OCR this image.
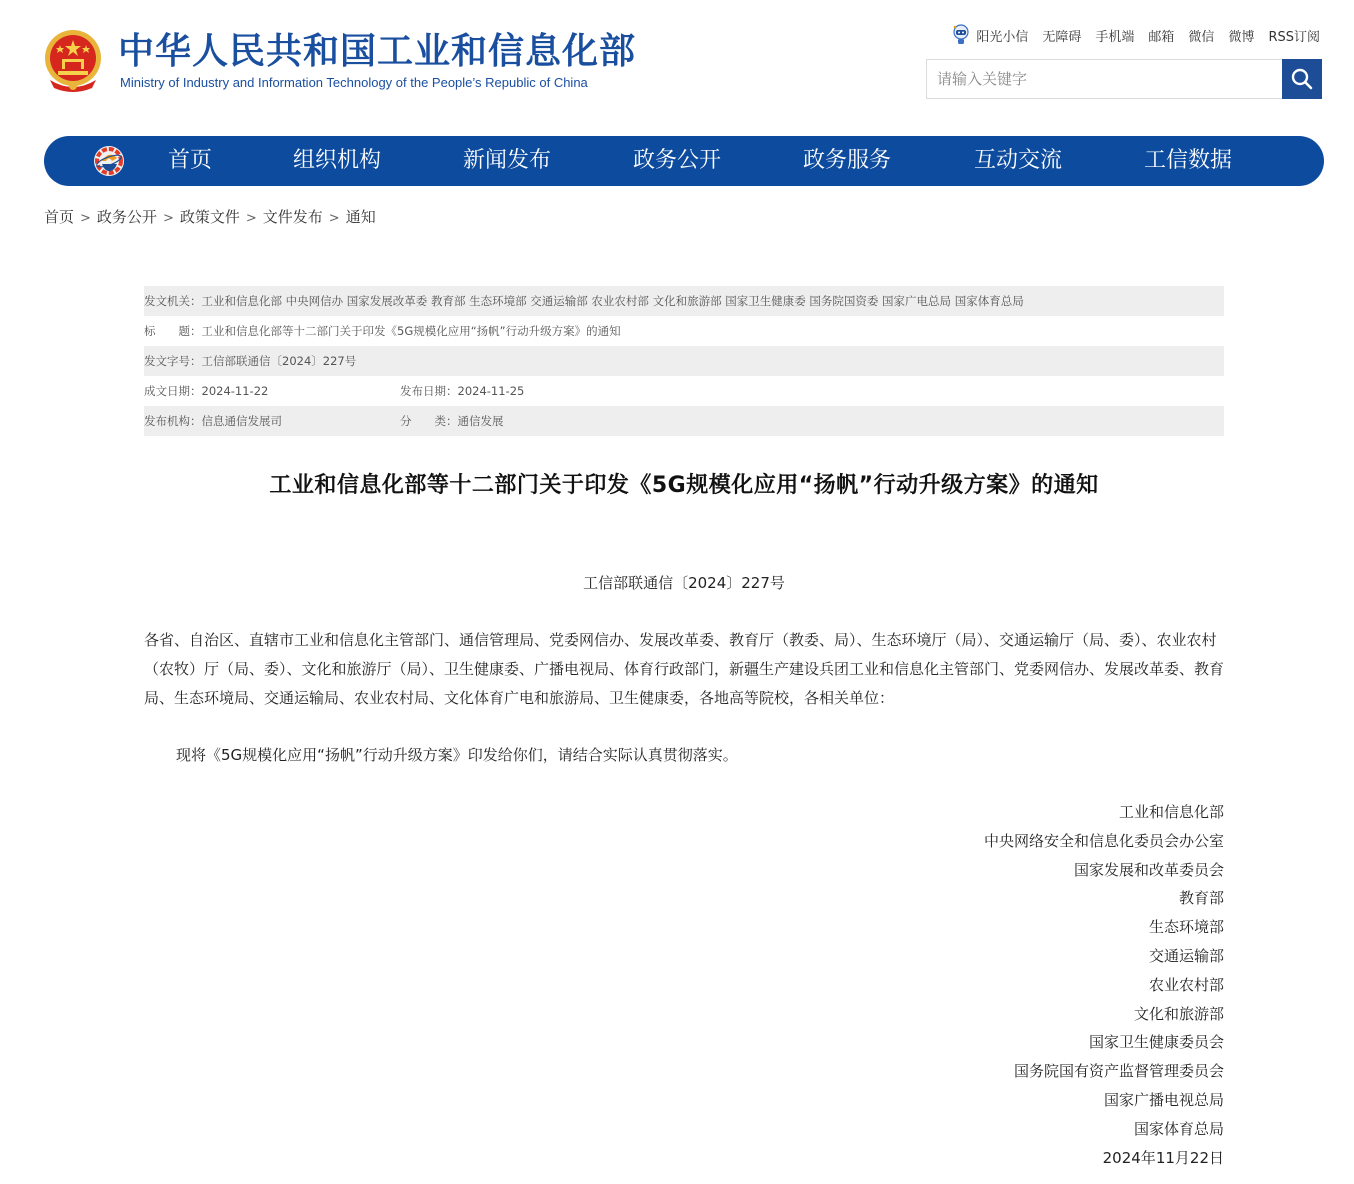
中华人民共和国工业和信息化部
Ministry of Industry and Information Technology of the People’s Republic of China
阳光小信 无障碍 手机端 邮箱 微信 微博 RSS订阅
请输入关键字
首页	组织机构	新闻发布	政务公开	政务服务	互动交流	工信数据
首页 > 政务公开 > 政策文件 > 文件发布 > 通知
发文机关：工业和信息化部 中央网信办 国家发展改革委 教育部 生态环境部 交通运输部 农业农村部 文化和旅游部 国家卫生健康委 国务院国资委 国家广电总局 国家体育总局
标　　题：工业和信息化部等十二部门关于印发《5G规模化应用“扬帆”行动升级方案》的通知
发文字号：工信部联通信〔2024〕227号
成文日期：2024-11-22	发布日期：2024-11-25
发布机构：信息通信发展司	分　　类：通信发展
工业和信息化部等十二部门关于印发《5G规模化应用“扬帆”行动升级方案》的通知
工信部联通信〔2024〕227号
各省、自治区、直辖市工业和信息化主管部门、通信管理局、党委网信办、发展改革委、教育厅（教委、局）、生态环境厅（局）、交通运输厅（局、委）、农业农村（农牧）厅（局、委）、文化和旅游厅（局）、卫生健康委、广播电视局、体育行政部门，新疆生产建设兵团工业和信息化主管部门、党委网信办、发展改革委、教育局、生态环境局、交通运输局、农业农村局、文化体育广电和旅游局、卫生健康委，各地高等院校，各相关单位：
现将《5G规模化应用“扬帆”行动升级方案》印发给你们，请结合实际认真贯彻落实。
工业和信息化部
中央网络安全和信息化委员会办公室
国家发展和改革委员会
教育部
生态环境部
交通运输部
农业农村部
文化和旅游部
国家卫生健康委员会
国务院国有资产监督管理委员会
国家广播电视总局
国家体育总局
2024年11月22日
